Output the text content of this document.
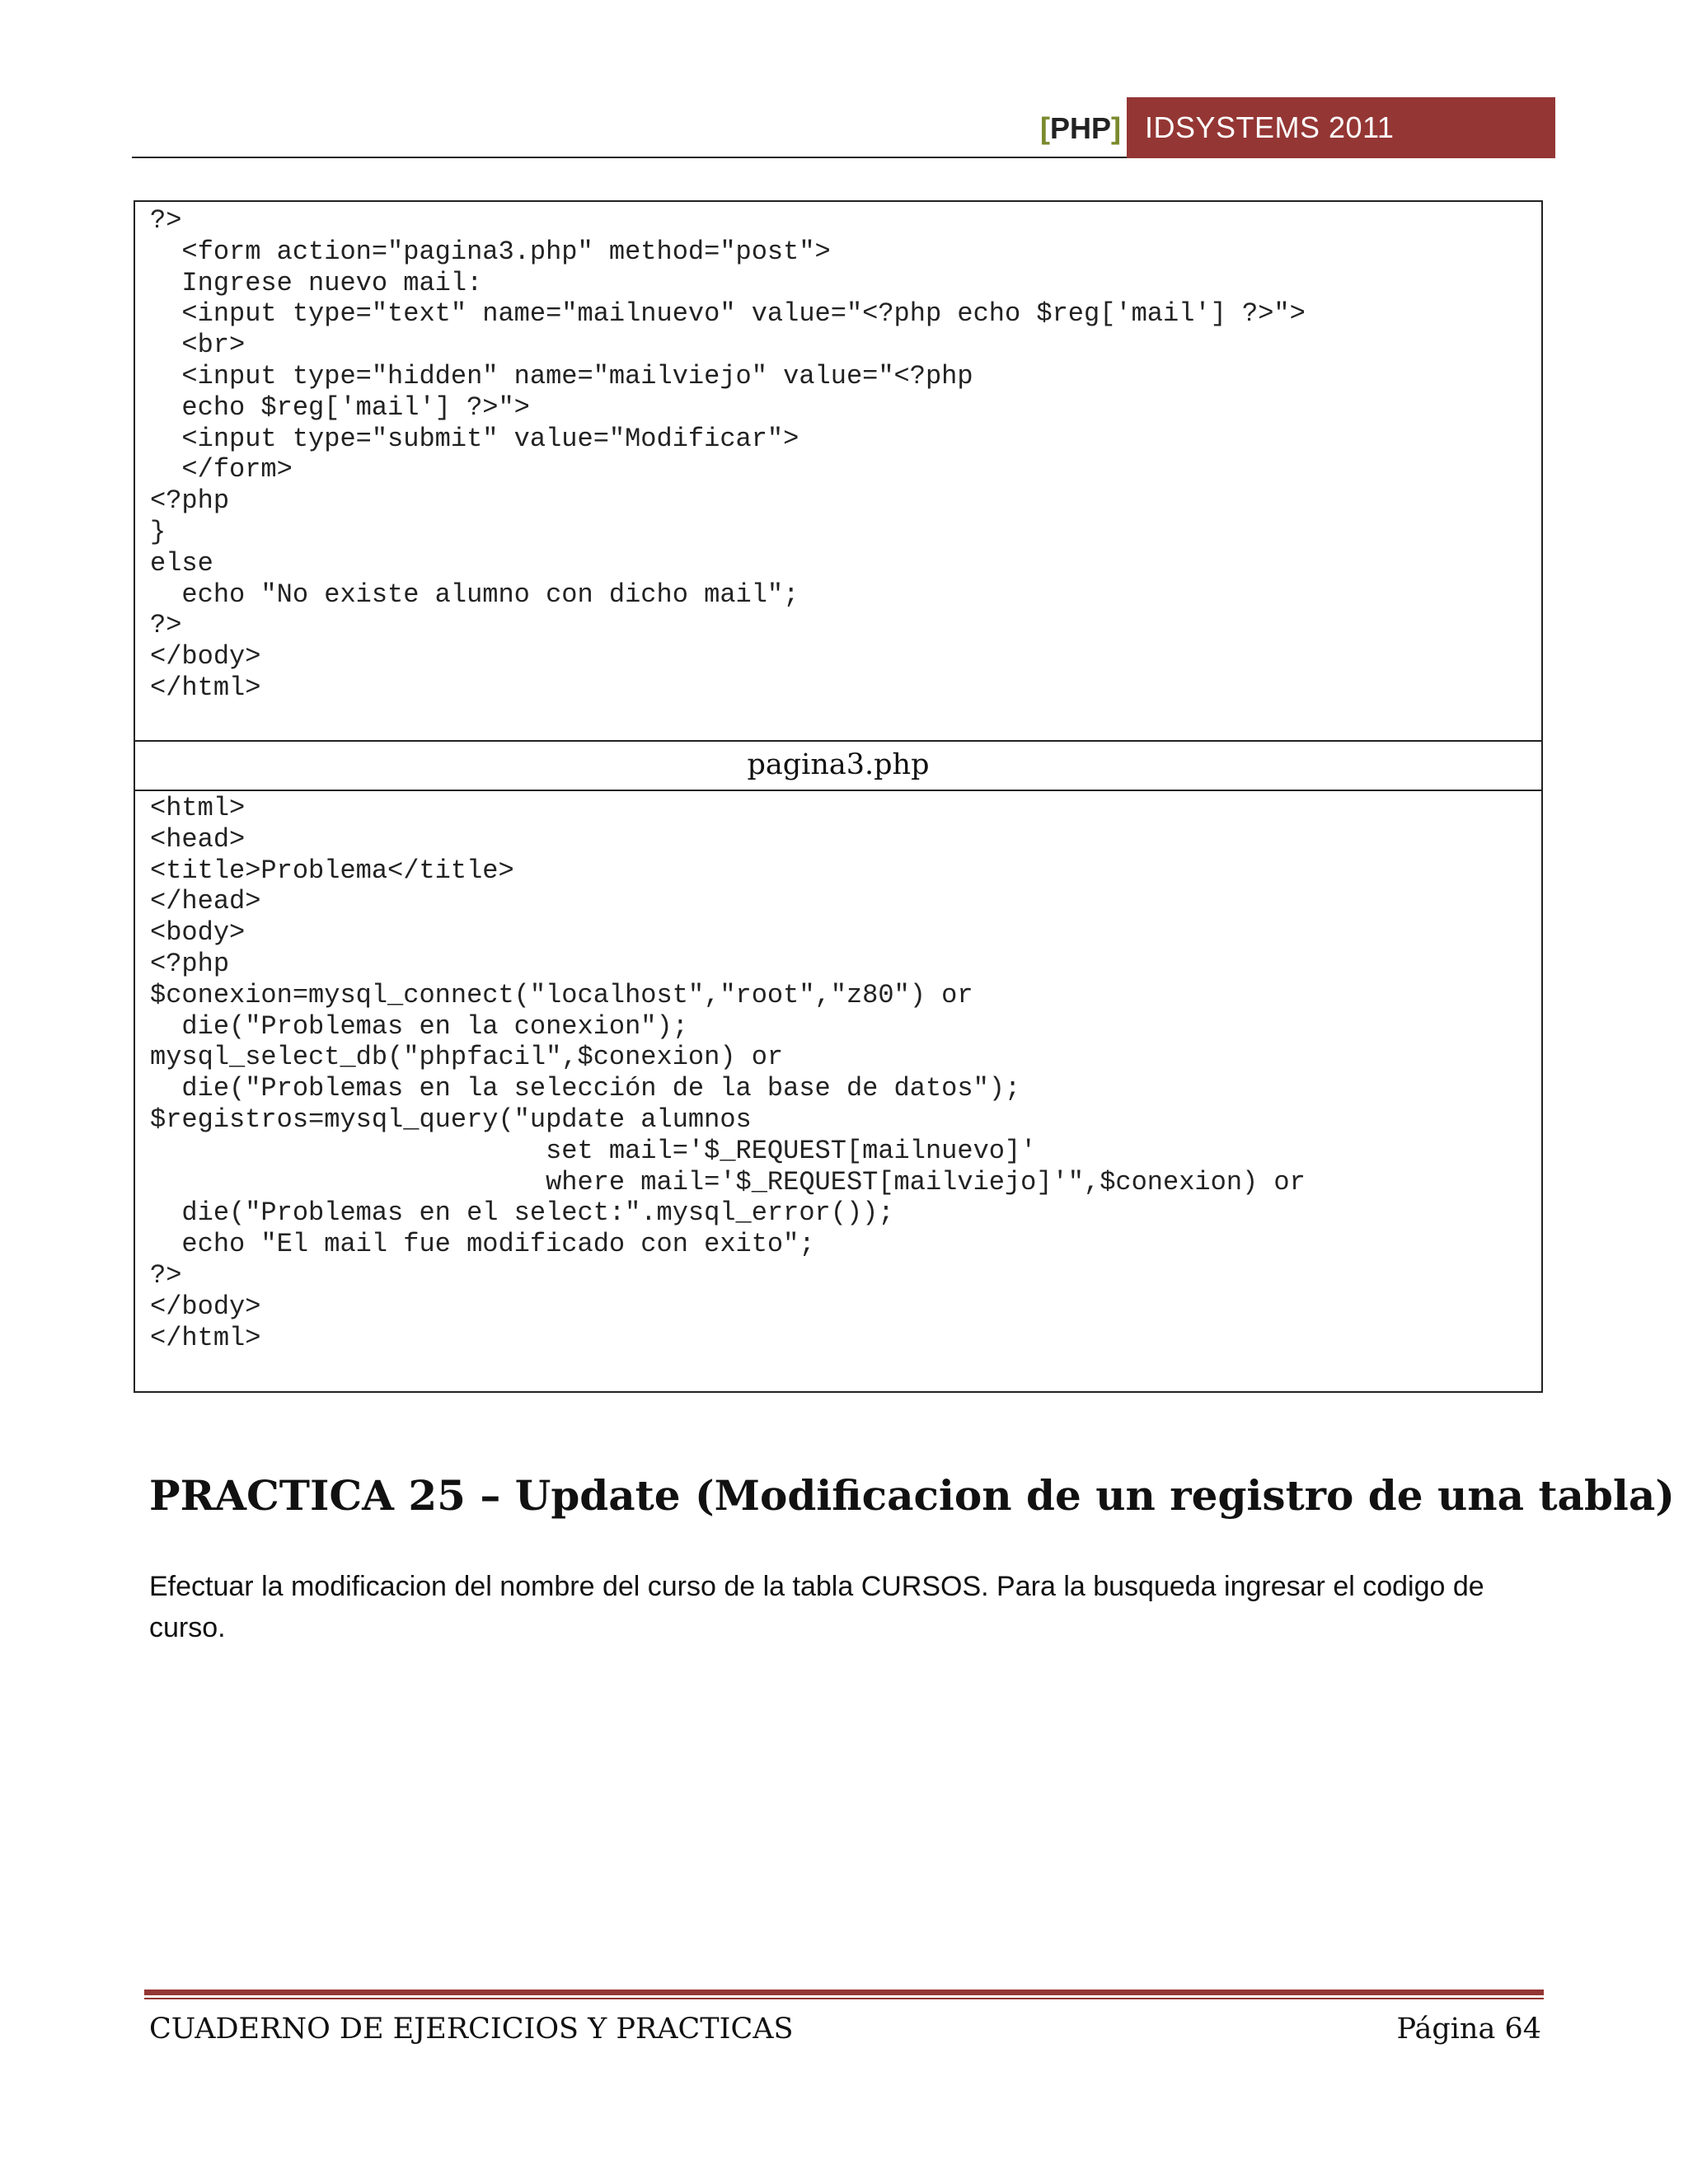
[PHP] IDSYSTEMS 2011
?>
<form action="pagina3.php" method="post">
Ingrese nuevo mail:
<input type="text" name="mailnuevo" value="<?php echo $reg['mail'] ?>">
<br>
<input type="hidden" name="mailviejo" value="<?php
echo $reg['mail'] ?>">
<input type="submit" value="Modificar">
</form>
<?php
}
else
echo "No existe alumno con dicho mail";
?>
</body>
</html>
pagina3.php
<html>
<head>
<title>Problema</title>
</head>
<body>
<?php
$conexion=mysql_connect("localhost","root","z80") or
die("Problemas en la conexion");
mysql_select_db("phpfacil",$conexion) or
die("Problemas en la selección de la base de datos");
$registros=mysql_query("update alumnos
set mail='$_REQUEST[mailnuevo]'
where mail='$_REQUEST[mailviejo]'",$conexion) or
die("Problemas en el select:".mysql_error());
echo "El mail fue modificado con exito";
?>
</body>
</html>
PRACTICA 25 – Update (Modificacion de un registro de una tabla)
Efectuar la modificacion del nombre del curso de la tabla CURSOS. Para la busqueda ingresar el codigo de curso.
CUADERNO DE EJERCICIOS Y PRACTICAS	Página 64
